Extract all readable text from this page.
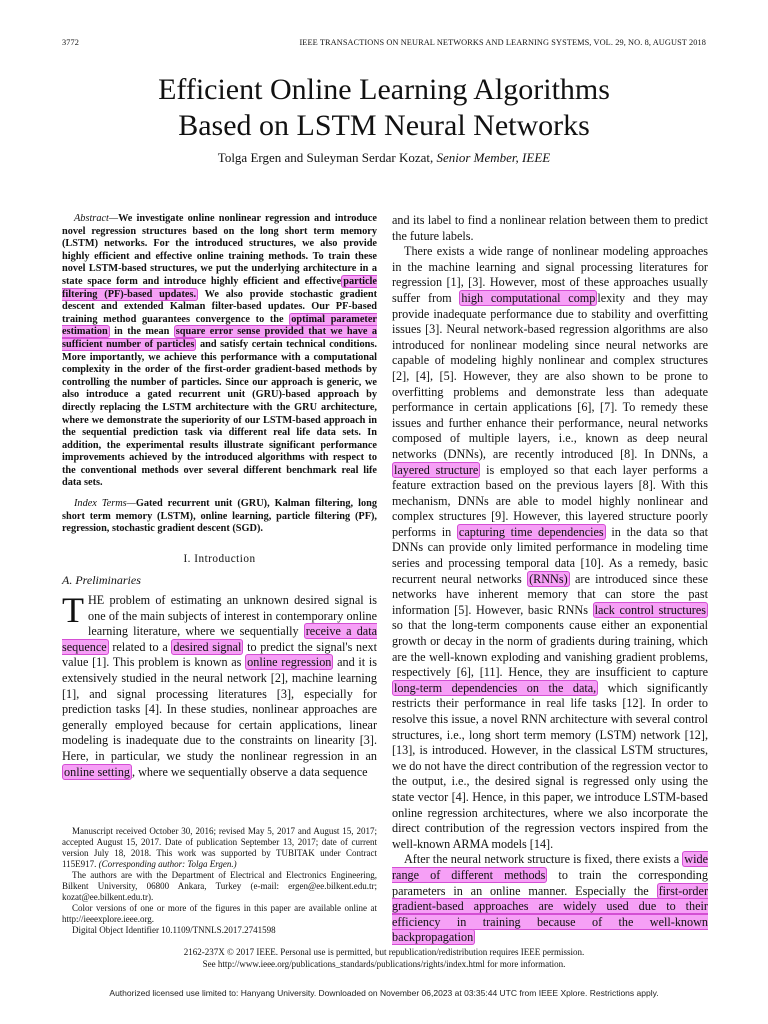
3772	IEEE TRANSACTIONS ON NEURAL NETWORKS AND LEARNING SYSTEMS, VOL. 29, NO. 8, AUGUST 2018
Efficient Online Learning Algorithms
Based on LSTM Neural Networks
Tolga Ergen and Suleyman Serdar Kozat, Senior Member, IEEE

Abstract—We investigate online nonlinear regression and introduce novel regression structures based on the long short term memory (LSTM) networks. For the introduced structures, we also provide highly efficient and effective online training methods. To train these novel LSTM-based structures, we put the underlying architecture in a state space form and introduce highly efficient and effective particle filtering (PF)-based updates. We also provide stochastic gradient descent and extended Kalman filter-based updates. Our PF-based training method guarantees convergence to the optimal parameter estimation in the mean square error sense provided that we have a sufficient number of particles and satisfy certain technical conditions. More importantly, we achieve this performance with a computational complexity in the order of the first-order gradient-based methods by controlling the number of particles. Since our approach is generic, we also introduce a gated recurrent unit (GRU)-based approach by directly replacing the LSTM architecture with the GRU architecture, where we demonstrate the superiority of our LSTM-based approach in the sequential prediction task via different real life data sets. In addition, the experimental results illustrate significant performance improvements achieved by the introduced algorithms with respect to the conventional methods over several different benchmark real life data sets.

Index Terms—Gated recurrent unit (GRU), Kalman filtering, long short term memory (LSTM), online learning, particle filtering (PF), regression, stochastic gradient descent (SGD).

I. Introduction
A. Preliminaries
THE problem of estimating an unknown desired signal is one of the main subjects of interest in contemporary online learning literature, where we sequentially receive a data sequence related to a desired signal to predict the signal's next value [1]. This problem is known as online regression and it is extensively studied in the neural network [2], machine learning [1], and signal processing literatures [3], especially for prediction tasks [4]. In these studies, nonlinear approaches are generally employed because for certain applications, linear modeling is inadequate due to the constraints on linearity [3]. Here, in particular, we study the nonlinear regression in an online setting , where we sequentially observe a data sequence

Manuscript received October 30, 2016; revised May 5, 2017 and August 15, 2017; accepted August 15, 2017. Date of publication September 13, 2017; date of current version July 18, 2018. This work was supported by TUBITAK under Contract 115E917. (Corresponding author: Tolga Ergen.)

The authors are with the Department of Electrical and Electronics Engineering, Bilkent University, 06800 Ankara, Turkey (e-mail: ergen@ee.bilkent.edu.tr; kozat@ee.bilkent.edu.tr).

Color versions of one or more of the figures in this paper are available online at http://ieeexplore.ieee.org.

Digital Object Identifier 10.1109/TNNLS.2017.2741598

and its label to find a nonlinear relation between them to predict the future labels.

There exists a wide range of nonlinear modeling approaches in the machine learning and signal processing literatures for regression [1], [3]. However, most of these approaches usually suffer from high computational comp lexity and they may provide inadequate performance due to stability and overfitting issues [3]. Neural network-based regression algorithms are also introduced for nonlinear modeling since neural networks are capable of modeling highly nonlinear and complex structures [2], [4], [5]. However, they are also shown to be prone to overfitting problems and demonstrate less than adequate performance in certain applications [6], [7]. To remedy these issues and further enhance their performance, neural networks composed of multiple layers, i.e., known as deep neural networks (DNNs), are recently introduced [8]. In DNNs, a layered structure is employed so that each layer performs a feature extraction based on the previous layers [8]. With this mechanism, DNNs are able to model highly nonlinear and complex structures [9]. However, this layered structure poorly performs in capturing time dependencies in the data so that DNNs can provide only limited performance in modeling time series and processing temporal data [10]. As a remedy, basic recurrent neural networks (RNNs) are introduced since these networks have inherent memory that can store the past information [5]. However, basic RNNs lack control structures so that the long-term components cause either an exponential growth or decay in the norm of gradients during training, which are the well-known exploding and vanishing gradient problems, respectively [6], [11]. Hence, they are insufficient to capture long-term dependencies on the data, which significantly restricts their performance in real life tasks [12]. In order to resolve this issue, a novel RNN architecture with several control structures, i.e., long short term memory (LSTM) network [12], [13], is introduced. However, in the classical LSTM structures, we do not have the direct contribution of the regression vector to the output, i.e., the desired signal is regressed only using the state vector [4]. Hence, in this paper, we introduce LSTM-based online regression architectures, where we also incorporate the direct contribution of the regression vectors inspired from the well-known ARMA models [14].

After the neural network structure is fixed, there exists a wide range of different methods to train the corresponding parameters in an online manner. Especially the first-order gradient-based approaches are widely used due to their efficiency in training because of the well-known backpropagation

2162-237X © 2017 IEEE. Personal use is permitted, but republication/redistribution requires IEEE permission.
See http://www.ieee.org/publications_standards/publications/rights/index.html for more information.
Authorized licensed use limited to: Hanyang University. Downloaded on November 06,2023 at 03:35:44 UTC from IEEE Xplore. Restrictions apply.
